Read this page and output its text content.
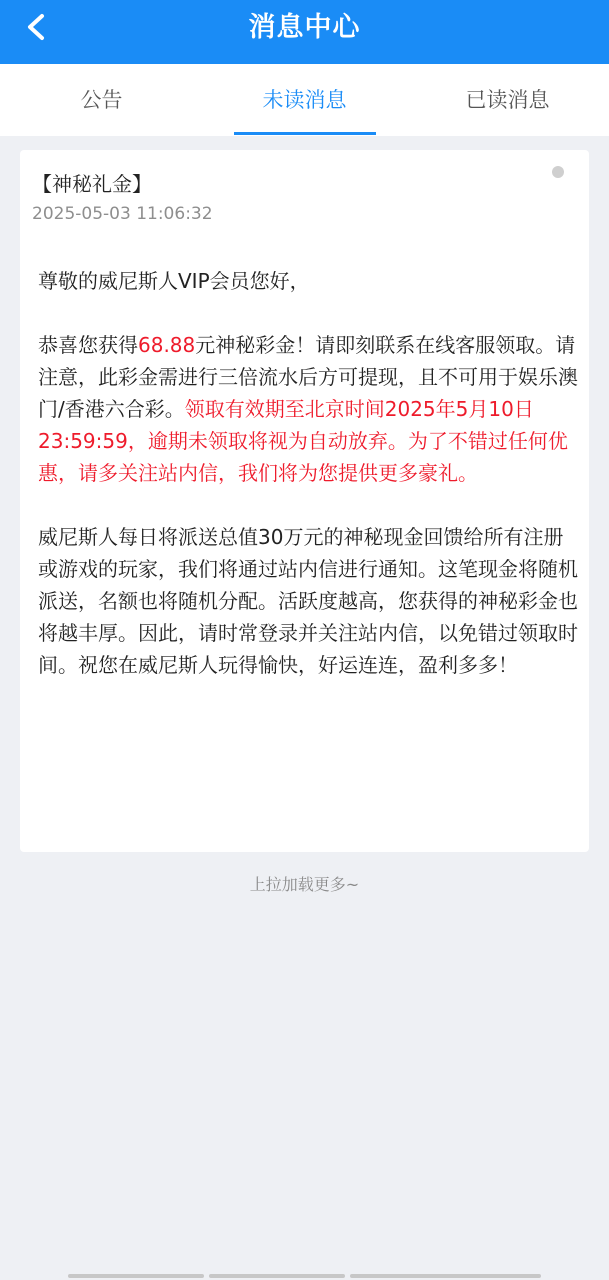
消息中心
公告	未读消息	已读消息
【神秘礼金】
2025-05-03 11:06:32

尊敬的威尼斯人VIP会员您好，

恭喜您获得68.88元神秘彩金！请即刻联系在线客服领取。请注意，此彩金需进行三倍流水后方可提现，且不可用于娱乐澳门/香港六合彩。领取有效期至北京时间2025年5月10日23:59:59，逾期未领取将视为自动放弃。为了不错过任何优惠，请多关注站内信，我们将为您提供更多豪礼。

威尼斯人每日将派送总值30万元的神秘现金回馈给所有注册或游戏的玩家，我们将通过站内信进行通知。这笔现金将随机派送，名额也将随机分配。活跃度越高，您获得的神秘彩金也将越丰厚。因此，请时常登录并关注站内信，以免错过领取时间。祝您在威尼斯人玩得愉快，好运连连，盈利多多！

上拉加载更多~
